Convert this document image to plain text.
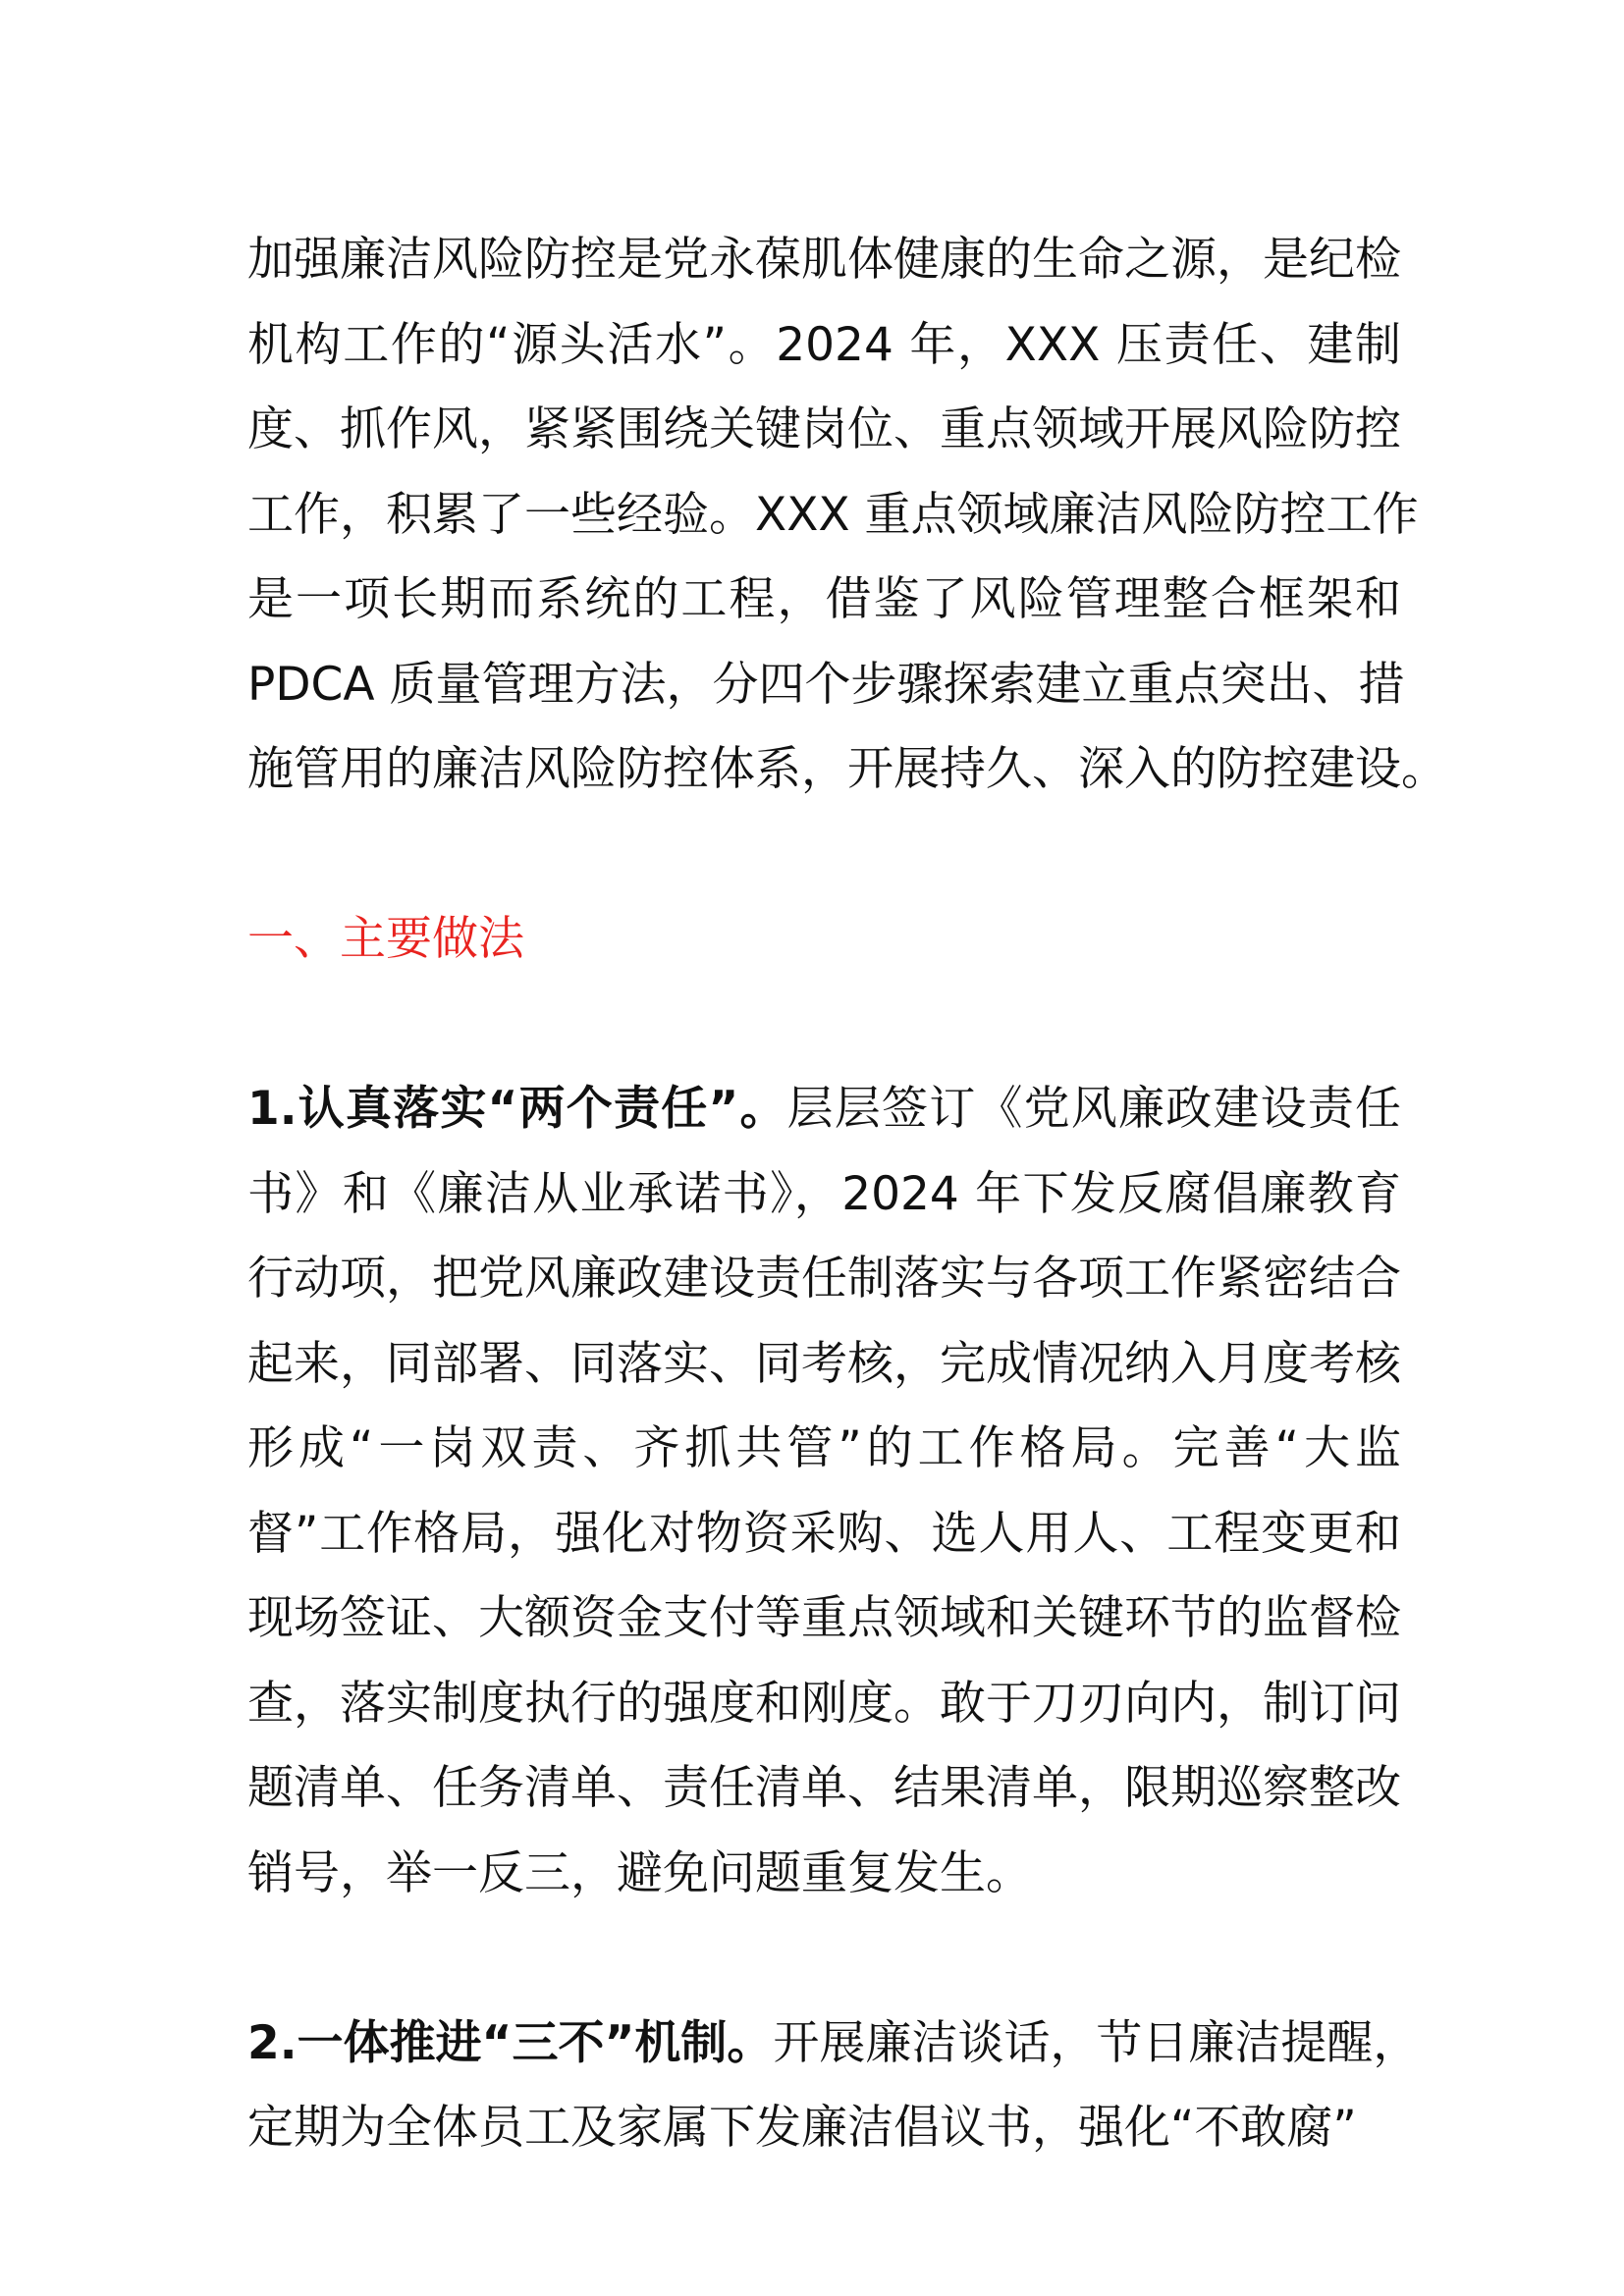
加强廉洁风险防控是党永葆肌体健康的生命之源，是纪检
机构工作的“源头活水”。2024 年，XXX 压责任、建制
度、抓作风，紧紧围绕关键岗位、重点领域开展风险防控
工作，积累了一些经验。XXX 重点领域廉洁风险防控工作
是一项长期而系统的工程，借鉴了风险管理整合框架和
PDCA 质量管理方法，分四个步骤探索建立重点突出、措
施管用的廉洁风险防控体系，开展持久、深入的防控建设。
一、主要做法
1.认真落实“两个责任”。层层签订《党风廉政建设责任
书》和《廉洁从业承诺书》，2024 年下发反腐倡廉教育
行动项，把党风廉政建设责任制落实与各项工作紧密结合
起来，同部署、同落实、同考核，完成情况纳入月度考核
形成“一岗双责、齐抓共管”的工作格局。完善“大监
督”工作格局，强化对物资采购、选人用人、工程变更和
现场签证、大额资金支付等重点领域和关键环节的监督检
查，落实制度执行的强度和刚度。敢于刀刃向内，制订问
题清单、任务清单、责任清单、结果清单，限期巡察整改
销号，举一反三，避免问题重复发生。
2.一体推进“三不”机制。开展廉洁谈话，节日廉洁提醒，
定期为全体员工及家属下发廉洁倡议书，强化“不敢腐”
